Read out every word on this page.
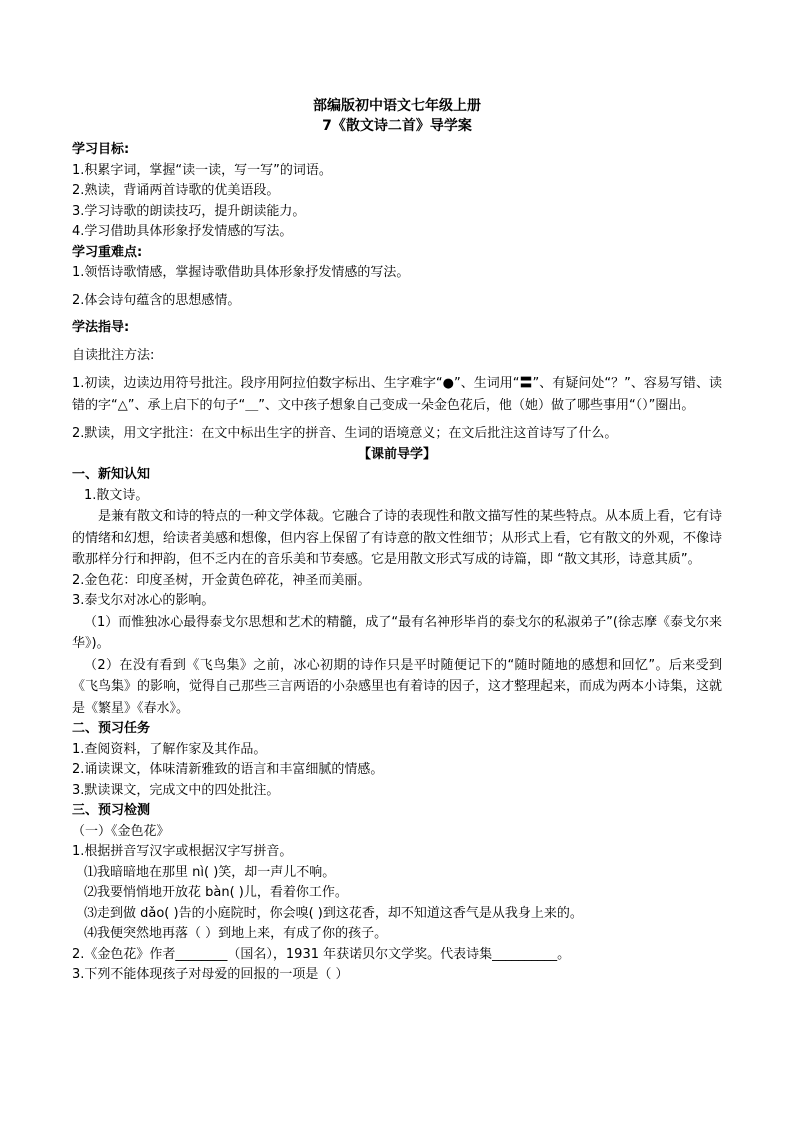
部编版初中语文七年级上册

7《散文诗二首》导学案

学习目标:

1.积累字词，掌握“读一读，写一写”的词语。

2.熟读，背诵两首诗歌的优美语段。

3.学习诗歌的朗读技巧，提升朗读能力。

4.学习借助具体形象抒发情感的写法。

学习重难点:

1.领悟诗歌情感，掌握诗歌借助具体形象抒发情感的写法。

2.体会诗句蕴含的思想感情。

学法指导:

自读批注方法:

1.初读，边读边用符号批注。段序用阿拉伯数字标出、生字难字“●”、生词用“〓”、有疑问处“？”、容易写错、读错的字“△”、承上启下的句子“＿”、文中孩子想象自己变成一朵金色花后，他（她）做了哪些事用“（）”圈出。

2.默读，用文字批注：在文中标出生字的拼音、生词的语境意义；在文后批注这首诗写了什么。

【课前导学】

一、新知认知

1.散文诗。

是兼有散文和诗的特点的一种文学体裁。它融合了诗的表现性和散文描写性的某些特点。从本质上看，它有诗的情绪和幻想，给读者美感和想像，但内容上保留了有诗意的散文性细节；从形式上看，它有散文的外观，不像诗歌那样分行和押韵，但不乏内在的音乐美和节奏感。它是用散文形式写成的诗篇，即 “散文其形，诗意其质”。

2.金色花：印度圣树，开金黄色碎花，神圣而美丽。

3.泰戈尔对冰心的影响。

（1）而惟独冰心最得泰戈尔思想和艺术的精髓，成了“最有名神形毕肖的泰戈尔的私淑弟子”(徐志摩《泰戈尔来华》)。

（2）在没有看到《飞鸟集》之前，冰心初期的诗作只是平时随便记下的“随时随地的感想和回忆”。后来受到《飞鸟集》的影响，觉得自己那些三言两语的小杂感里也有着诗的因子，这才整理起来，而成为两本小诗集，这就是《繁星》《春水》。

二、预习任务

1.查阅资料，了解作家及其作品。

2.诵读课文，体味清新雅致的语言和丰富细腻的情感。

3.默读课文，完成文中的四处批注。

三、预习检测

（一）《金色花》

1.根据拼音写汉字或根据汉字写拼音。

⑴我暗暗地在那里 nì( )笑，却一声儿不响。

⑵我要悄悄地开放花 bàn( )儿，看着你工作。

⑶走到做 dǎo( )告的小庭院时，你会嗅( )到这花香，却不知道这香气是从我身上来的。

⑷我便突然地再落（ ）到地上来，有成了你的孩子。

2.《金色花》作者________（国名），1931 年获诺贝尔文学奖。代表诗集__________。

3.下列不能体现孩子对母爱的回报的一项是（ ）
